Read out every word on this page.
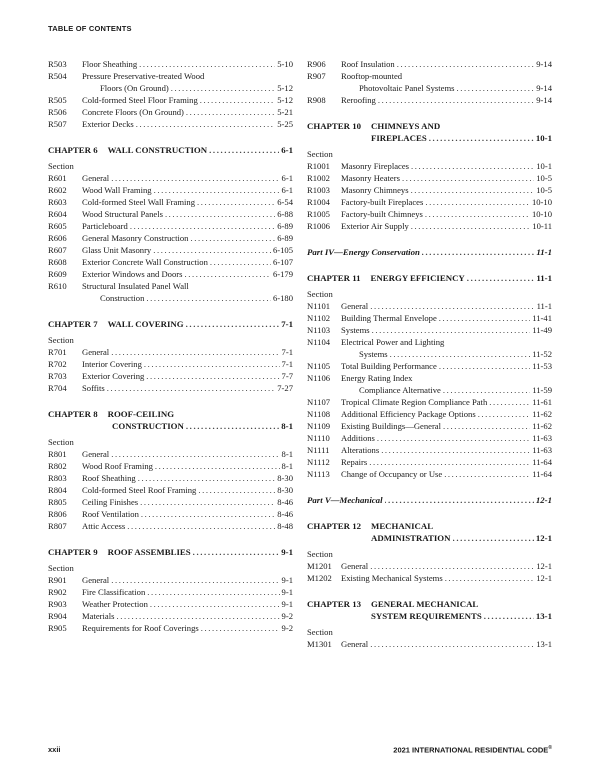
TABLE OF CONTENTS
R503	Floor Sheathing .....	5-10
R504	Pressure Preservative-treated Wood
Floors (On Ground) .....	5-12
R505	Cold-formed Steel Floor Framing .....	5-12
R506	Concrete Floors (On Ground) .....	5-21
R507	Exterior Decks .....	5-25
CHAPTER 6 WALL CONSTRUCTION .....	6-1
Section
R601	General .....	6-1
R602	Wood Wall Framing .....	6-1
R603	Cold-formed Steel Wall Framing .....	6-54
R604	Wood Structural Panels .....	6-88
R605	Particleboard .....	6-89
R606	General Masonry Construction .....	6-89
R607	Glass Unit Masonry .....	6-105
R608	Exterior Concrete Wall Construction .....	6-107
R609	Exterior Windows and Doors .....	6-179
R610	Structural Insulated Panel Wall
Construction .....	6-180
CHAPTER 7 WALL COVERING .....	7-1
Section
R701	General .....	7-1
R702	Interior Covering .....	7-1
R703	Exterior Covering .....	7-7
R704	Soffits .....	7-27
CHAPTER 8 ROOF-CEILING
CONSTRUCTION .....	8-1
Section
R801	General .....	8-1
R802	Wood Roof Framing .....	8-1
R803	Roof Sheathing .....	8-30
R804	Cold-formed Steel Roof Framing .....	8-30
R805	Ceiling Finishes .....	8-46
R806	Roof Ventilation .....	8-46
R807	Attic Access .....	8-48
CHAPTER 9 ROOF ASSEMBLIES .....	9-1
Section
R901	General .....	9-1
R902	Fire Classification .....	9-1
R903	Weather Protection .....	9-1
R904	Materials .....	9-2
R905	Requirements for Roof Coverings .....	9-2
R906	Roof Insulation .....	9-14
R907	Rooftop-mounted
Photovoltaic Panel Systems .....	9-14
R908	Reroofing .....	9-14
CHAPTER 10 CHIMNEYS AND
FIREPLACES .....	10-1
Section
R1001	Masonry Fireplaces .....	10-1
R1002	Masonry Heaters .....	10-5
R1003	Masonry Chimneys .....	10-5
R1004	Factory-built Fireplaces .....	10-10
R1005	Factory-built Chimneys .....	10-10
R1006	Exterior Air Supply .....	10-11
Part IV—Energy Conservation .....	11-1
CHAPTER 11 ENERGY EFFICIENCY .....	11-1
Section
N1101	General .....	11-1
N1102	Building Thermal Envelope .....	11-41
N1103	Systems .....	11-49
N1104	Electrical Power and Lighting
Systems .....	11-52
N1105	Total Building Performance .....	11-53
N1106	Energy Rating Index
Compliance Alternative .....	11-59
N1107	Tropical Climate Region Compliance Path .....	11-61
N1108	Additional Efficiency Package Options .....	11-62
N1109	Existing Buildings—General .....	11-62
N1110	Additions .....	11-63
N1111	Alterations .....	11-63
N1112	Repairs .....	11-64
N1113	Change of Occupancy or Use .....	11-64
Part V—Mechanical .....	12-1
CHAPTER 12 MECHANICAL
ADMINISTRATION .....	12-1
Section
M1201	General .....	12-1
M1202	Existing Mechanical Systems .....	12-1
CHAPTER 13 GENERAL MECHANICAL
SYSTEM REQUIREMENTS .....	13-1
Section
M1301	General .....	13-1
xxii	2021 INTERNATIONAL RESIDENTIAL CODE®
